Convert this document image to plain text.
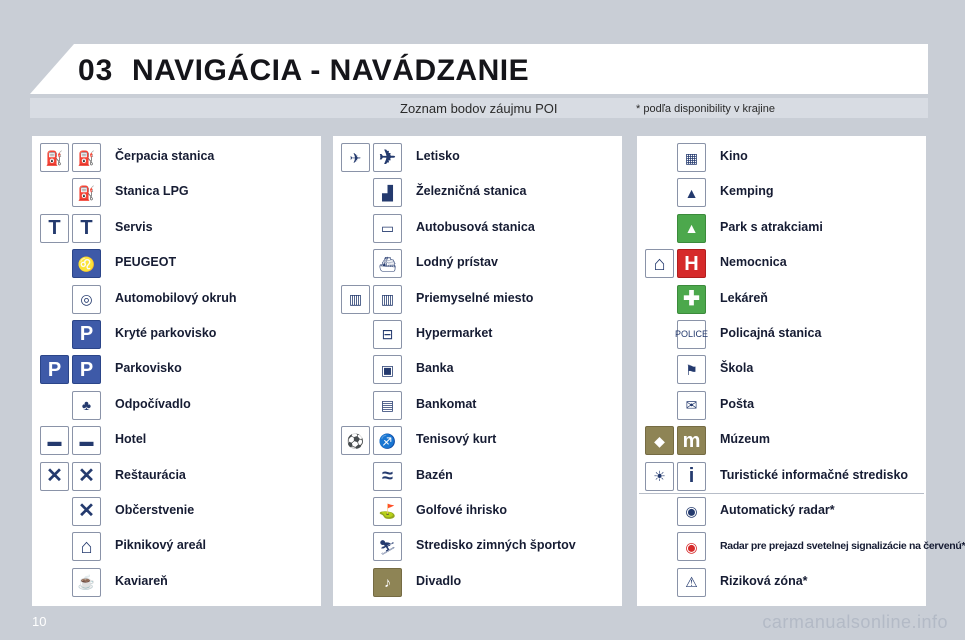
03 NAVIGÁCIA - NAVÁDZANIE
Zoznam bodov záujmu POI	* podľa disponibility v krajine
⛽	⛽	Čerpacia stanica
⛽	Stanica LPG
T T	Servis
♌	PEUGEOT
◎	Automobilový okruh
P	Kryté parkovisko
P P	Parkovisko
♣	Odpočívadlo
▬	▬	Hotel
✕ ✕	Reštaurácia
✕	Občerstvenie
⌂	Piknikový areál
☕	Kaviareň
✈ ✈	Letisko
▟	Železničná stanica
▭	Autobusová stanica
⛴	Lodný prístav
▥	▥	Priemyselné miesto
⊟	Hypermarket
▣	Banka
▤	Bankomat
⚽	♐	Tenisový kurt
≈	Bazén
⛳	Golfové ihrisko
⛷	Stredisko zimných športov
♪	Divadlo
▦	Kino
▲	Kemping
▲	Park s atrakciami
⌂ H	Nemocnica
✚	Lekáreň
POLICE Policajná stanica
⚑	Škola
✉	Pošta
◆ m	Múzeum
☀	i	Turistické informačné stredisko
◉	Automatický radar*
◉	Radar pre prejazd svetelnej signalizácie na červenú*
⚠	Riziková zóna*
10	carmanualsonline.info
